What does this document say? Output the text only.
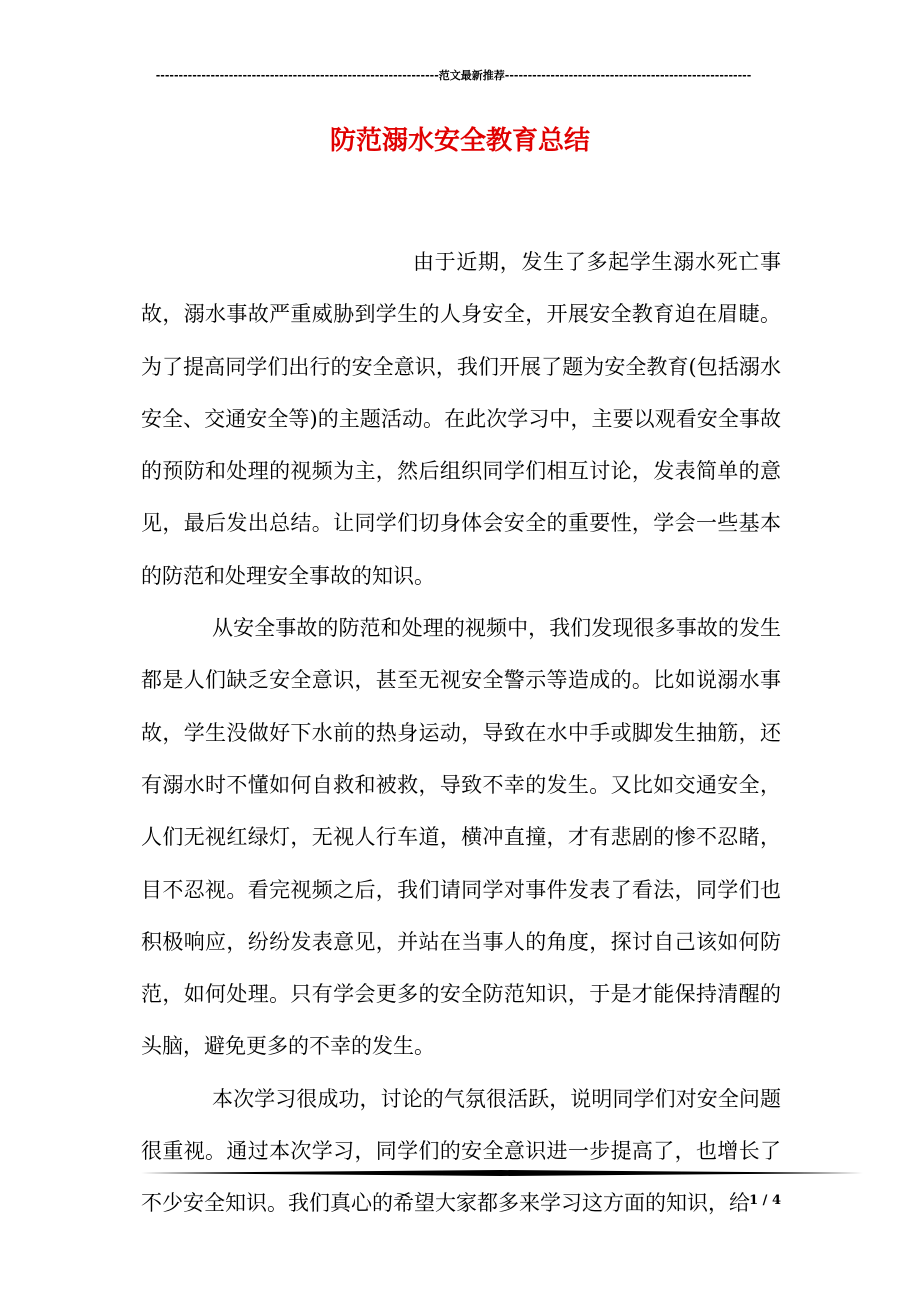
--------------------------------------------------------------范文最新推荐------------------------------------------------------
防范溺水安全教育总结

由于近期，发生了多起学生溺水死亡事故，溺水事故严重威胁到学生的人身安全，开展安全教育迫在眉睫。为了提高同学们出行的安全意识，我们开展了题为安全教育(包括溺水安全、交通安全等)的主题活动。在此次学习中，主要以观看安全事故的预防和处理的视频为主，然后组织同学们相互讨论，发表简单的意见，最后发出总结。让同学们切身体会安全的重要性，学会一些基本的防范和处理安全事故的知识。

从安全事故的防范和处理的视频中，我们发现很多事故的发生都是人们缺乏安全意识，甚至无视安全警示等造成的。比如说溺水事故，学生没做好下水前的热身运动，导致在水中手或脚发生抽筋，还有溺水时不懂如何自救和被救，导致不幸的发生。又比如交通安全，人们无视红绿灯，无视人行车道，横冲直撞，才有悲剧的惨不忍睹，目不忍视。看完视频之后，我们请同学对事件发表了看法，同学们也积极响应，纷纷发表意见，并站在当事人的角度，探讨自己该如何防范，如何处理。只有学会更多的安全防范知识，于是才能保持清醒的头脑，避免更多的不幸的发生。

本次学习很成功，讨论的气氛很活跃，说明同学们对安全问题很重视。通过本次学习，同学们的安全意识进一步提高了，也增长了不少安全知识。我们真心的希望大家都多来学习这方面的知识，给 1 / 4
